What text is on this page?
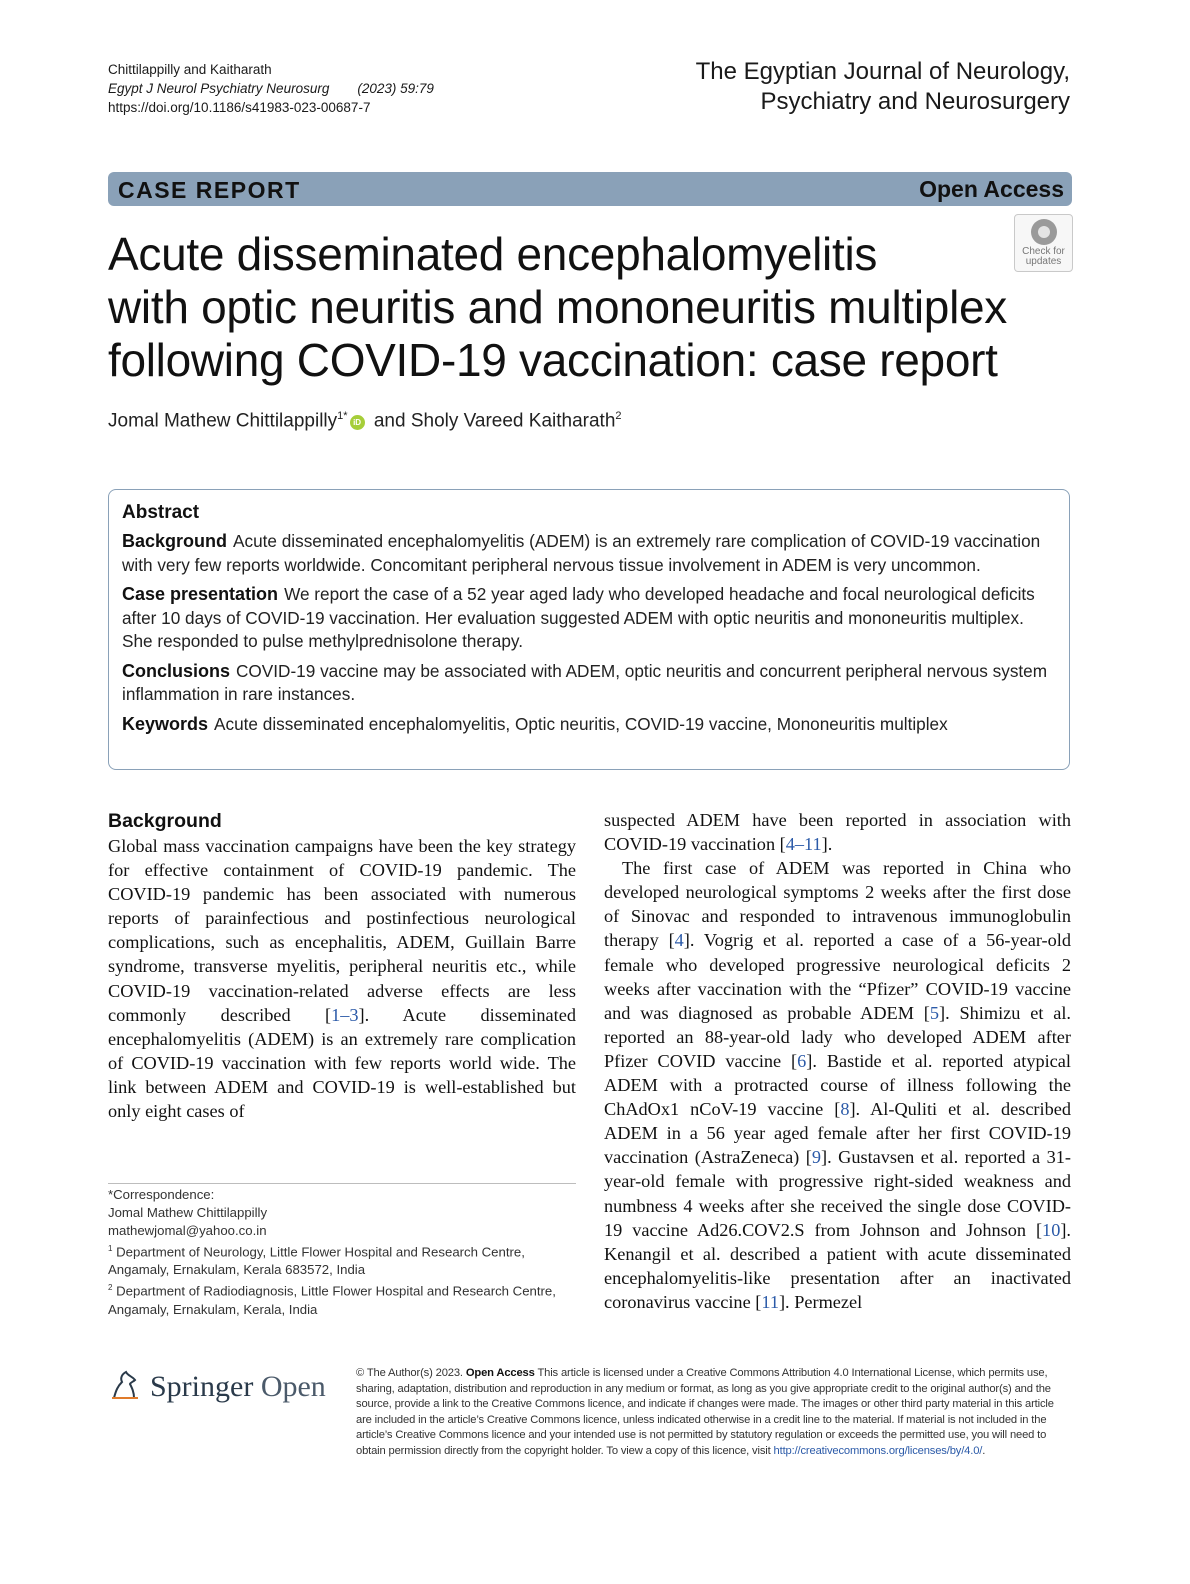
Chittilappilly and Kaitharath
Egypt J Neurol Psychiatry Neurosurg (2023) 59:79
https://doi.org/10.1186/s41983-023-00687-7
The Egyptian Journal of Neurology,
Psychiatry and Neurosurgery
CASE REPORT	Open Access
Check for
updates
Acute disseminated encephalomyelitis
with optic neuritis and mononeuritis multiplex
following COVID-19 vaccination: case report
Jomal Mathew Chittilappilly$^{1*}$iD and Sholy Vareed Kaitharath$^2$
Abstract

Background Acute disseminated encephalomyelitis (ADEM) is an extremely rare complication of COVID-19 vaccination with very few reports worldwide. Concomitant peripheral nervous tissue involvement in ADEM is very uncommon.

Case presentation We report the case of a 52 year aged lady who developed headache and focal neurological deficits after 10 days of COVID-19 vaccination. Her evaluation suggested ADEM with optic neuritis and mononeuritis multiplex. She responded to pulse methylprednisolone therapy.

Conclusions COVID-19 vaccine may be associated with ADEM, optic neuritis and concurrent peripheral nervous system inflammation in rare instances.

Keywords Acute disseminated encephalomyelitis, Optic neuritis, COVID-19 vaccine, Mononeuritis multiplex

Background

Global mass vaccination campaigns have been the key strategy for effective containment of COVID-19 pandemic. The COVID-19 pandemic has been associated with numerous reports of parainfectious and postinfectious neurological complications, such as encephalitis, ADEM, Guillain Barre syndrome, transverse myelitis, peripheral neuritis etc., while COVID-19 vaccination-related adverse effects are less commonly described [1–3]. Acute disseminated encephalomyelitis (ADEM) is an extremely rare complication of COVID-19 vaccination with few reports world wide. The link between ADEM and COVID-19 is well-established but only eight cases of

*Correspondence:
Jomal Mathew Chittilappilly
mathewjomal@yahoo.co.in
$^1$ Department of Neurology, Little Flower Hospital and Research Centre, Angamaly, Ernakulam, Kerala 683572, India
$^2$ Department of Radiodiagnosis, Little Flower Hospital and Research Centre, Angamaly, Ernakulam, Kerala, India

suspected ADEM have been reported in association with COVID-19 vaccination [4–11].

The first case of ADEM was reported in China who developed neurological symptoms 2 weeks after the first dose of Sinovac and responded to intravenous immunoglobulin therapy [4]. Vogrig et al. reported a case of a 56-year-old female who developed progressive neurological deficits 2 weeks after vaccination with the “Pfizer” COVID-19 vaccine and was diagnosed as probable ADEM [5]. Shimizu et al. reported an 88-year-old lady who developed ADEM after Pfizer COVID vaccine [6]. Bastide et al. reported atypical ADEM with a protracted course of illness following the ChAdOx1 nCoV-19 vaccine [8]. Al-Quliti et al. described ADEM in a 56 year aged female after her first COVID-19 vaccination (AstraZeneca) [9]. Gustavsen et al. reported a 31-year-old female with progressive right-sided weakness and numbness 4 weeks after she received the single dose COVID-19 vaccine Ad26.COV2.S from Johnson and Johnson [10]. Kenangil et al. described a patient with acute disseminated encephalomyelitis-like presentation after an inactivated coronavirus vaccine [11]. Permezel

Springer Open	© The Author(s) 2023. Open Access This article is licensed under a Creative Commons Attribution 4.0 International License, which permits use, sharing, adaptation, distribution and reproduction in any medium or format, as long as you give appropriate credit to the original author(s) and the source, provide a link to the Creative Commons licence, and indicate if changes were made. The images or other third party material in this article are included in the article’s Creative Commons licence, unless indicated otherwise in a credit line to the material. If material is not included in the article’s Creative Commons licence and your intended use is not permitted by statutory regulation or exceeds the permitted use, you will need to obtain permission directly from the copyright holder. To view a copy of this licence, visit http://creativecommons.org/licenses/by/4.0/.
